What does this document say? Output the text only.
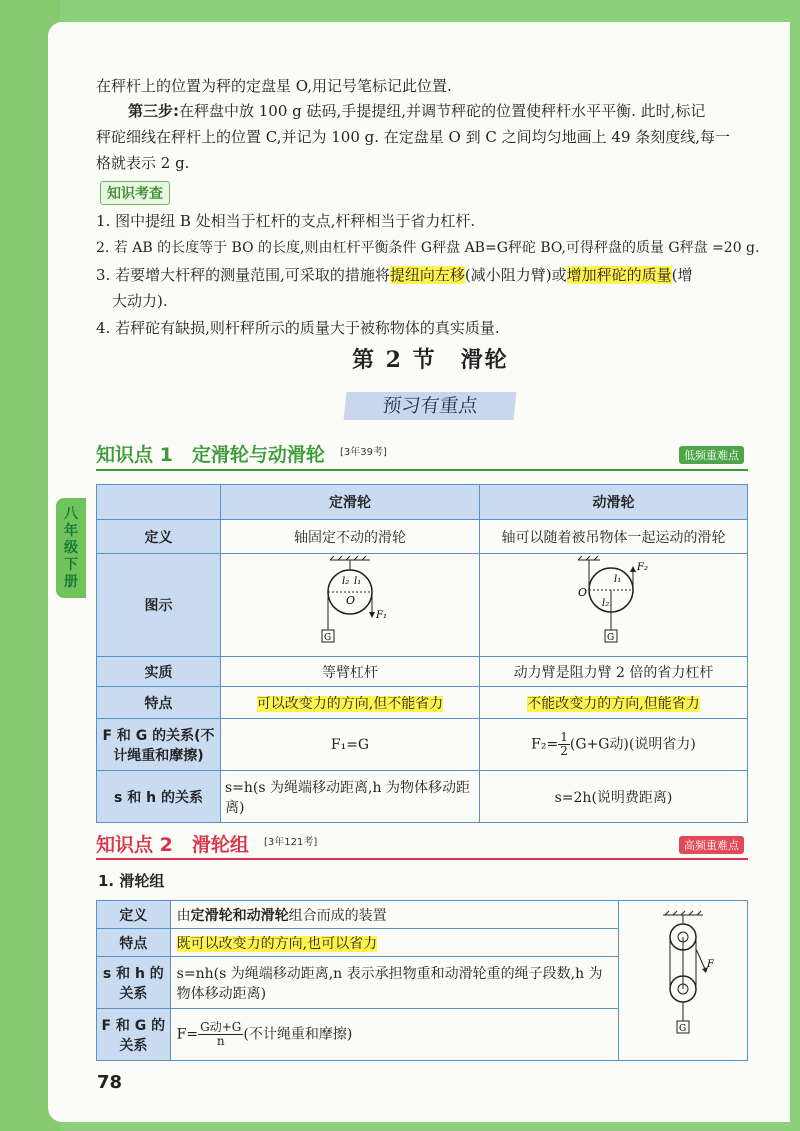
八
年
级
下
册
在秤杆上的位置为秤的定盘星 O,用记号笔标记此位置.
第三步:在秤盘中放 100 g 砝码,手提提纽,并调节秤砣的位置使秤杆水平平衡. 此时,标记
秤砣细线在秤杆上的位置 C,并记为 100 g. 在定盘星 O 到 C 之间均匀地画上 49 条刻度线,每一
格就表示 2 g.
知识考查
1. 图中提纽 B 处相当于杠杆的支点,杆秤相当于省力杠杆.
2. 若 AB 的长度等于 BO 的长度,则由杠杆平衡条件 G秤盘 AB=G秤砣 BO,可得秤盘的质量 G秤盘 =20 g.
3. 若要增大杆秤的测量范围,可采取的措施将提纽向左移(减小阻力臂)或增加秤砣的质量(增
大动力).
4. 若秤砣有缺损,则杆秤所示的质量大于被称物体的真实质量.
第 2 节　滑轮
预习有重点
知识点 1　定滑轮与动滑轮 [3年39考]	低频重难点
	定滑轮	动滑轮
定义	轴固定不动的滑轮	轴可以随着被吊物体一起运动的滑轮
图示	l₂ l₁
O
F₁
G	l₁
l₂
O
F₂
G

实质	等臂杠杆	动力臂是阻力臂 2 倍的省力杠杆
特点	可以改变力的方向,但不能省力	不能改变力的方向,但能省力
F 和 G 的关系(不计绳重和摩擦)	F₁=G	$F_2= \frac{1}{2} (G+G$动)(说明省力)
s 和 h 的关系	s=h(s 为绳端移动距离,h 为物体移动距离)	s=2h(说明费距离)
知识点 2　滑轮组 [3年121考]	高频重难点
1. 滑轮组
定义	由定滑轮和动滑轮组合而成的装置	F
G

特点	既可以改变力的方向,也可以省力	
s 和 h 的关系	s=nh(s 为绳端移动距离,n 表示承担物重和动滑轮重的绳子段数,h 为物体移动距离)	
F 和 G 的关系	$F= \frac{\text{G动+G}}{n}$ (不计绳重和摩擦)	
78
